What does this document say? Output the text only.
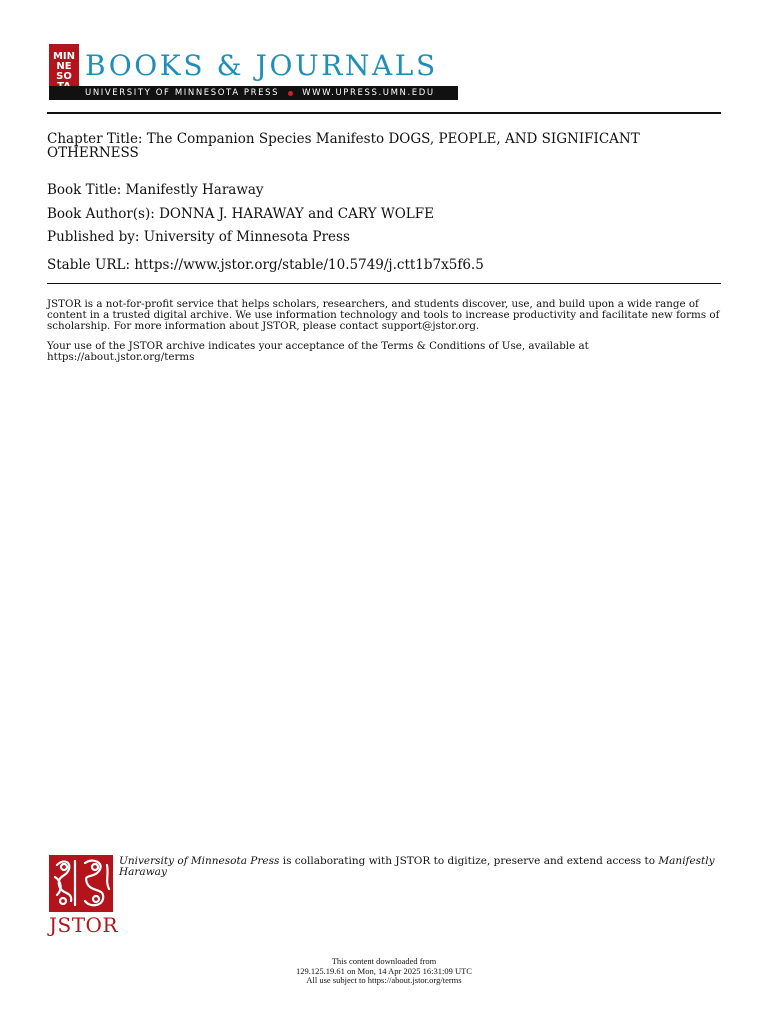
MIN
NE
SO BOOKS & JOURNALS
UNIVERSITY OF MINNESOTA PRESS	WWW.UPRESS.UMN.EDU
Chapter Title: The Companion Species Manifesto DOGS, PEOPLE, AND SIGNIFICANT OTHERNESS
Book Title: Manifestly Haraway
Book Author(s): DONNA J. HARAWAY and CARY WOLFE
Published by: University of Minnesota Press
Stable URL: https://www.jstor.org/stable/10.5749/j.ctt1b7x5f6.5
JSTOR is a not-for-profit service that helps scholars, researchers, and students discover, use, and build upon a wide range of content in a trusted digital archive. We use information technology and tools to increase productivity and facilitate new forms of scholarship. For more information about JSTOR, please contact support@jstor.org.
Your use of the JSTOR archive indicates your acceptance of the Terms & Conditions of Use, available at https://about.jstor.org/terms
JSTOR
University of Minnesota Press is collaborating with JSTOR to digitize, preserve and extend access to Manifestly Haraway
This content downloaded from
129.125.19.61 on Mon, 14 Apr 2025 16:31:09 UTC
All use subject to https://about.jstor.org/terms
